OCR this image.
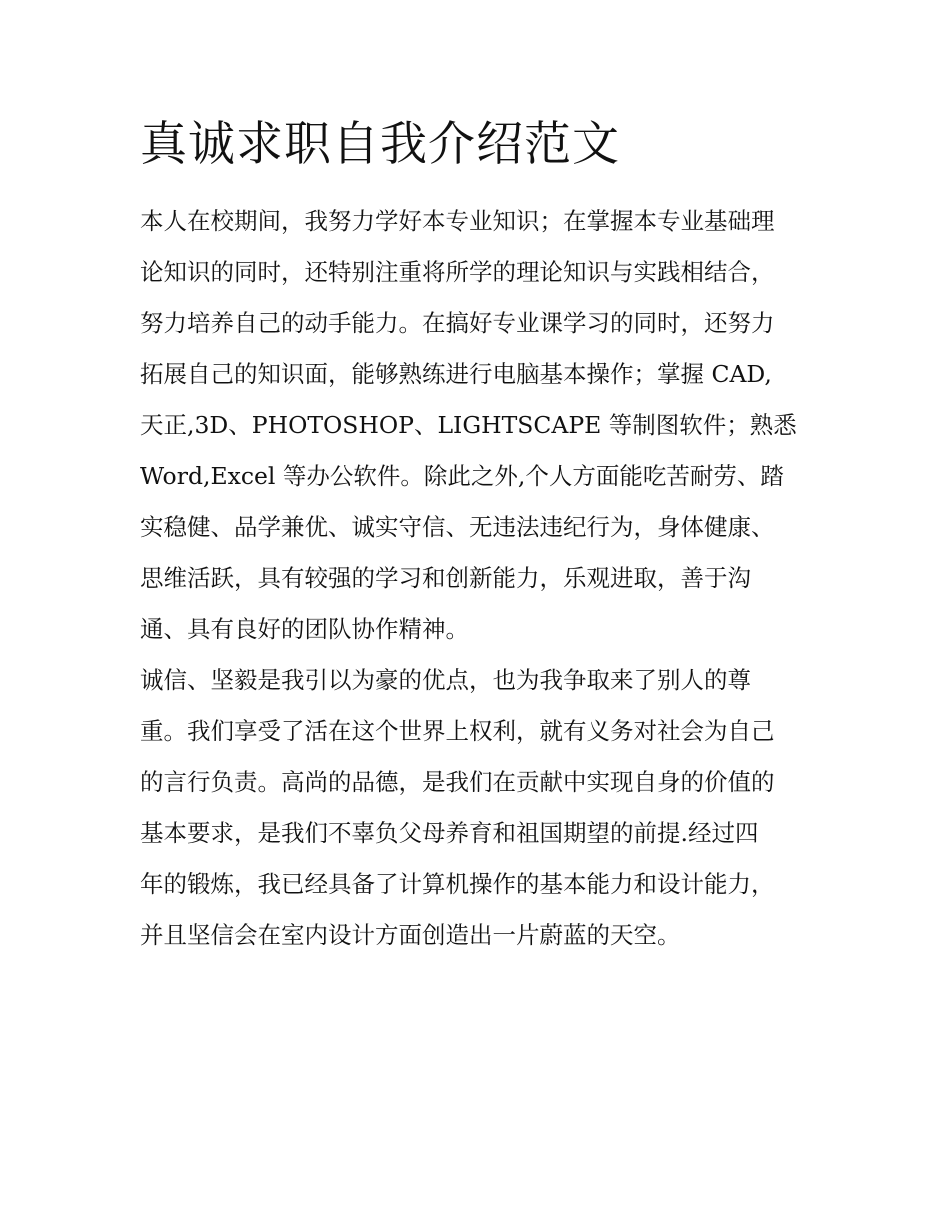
真诚求职自我介绍范文
本人在校期间，我努力学好本专业知识；在掌握本专业基础理
论知识的同时，还特别注重将所学的理论知识与实践相结合，
努力培养自己的动手能力。在搞好专业课学习的同时，还努力
拓展自己的知识面，能够熟练进行电脑基本操作；掌握 CAD,
天正,3D、PHOTOSHOP、LIGHTSCAPE 等制图软件；熟悉
Word,Excel 等办公软件。除此之外,个人方面能吃苦耐劳、踏
实稳健、品学兼优、诚实守信、无违法违纪行为，身体健康、
思维活跃，具有较强的学习和创新能力，乐观进取，善于沟
通、具有良好的团队协作精神。
诚信、坚毅是我引以为豪的优点，也为我争取来了别人的尊
重。我们享受了活在这个世界上权利，就有义务对社会为自己
的言行负责。高尚的品德，是我们在贡献中实现自身的价值的
基本要求，是我们不辜负父母养育和祖国期望的前提.经过四
年的锻炼，我已经具备了计算机操作的基本能力和设计能力，
并且坚信会在室内设计方面创造出一片蔚蓝的天空。
